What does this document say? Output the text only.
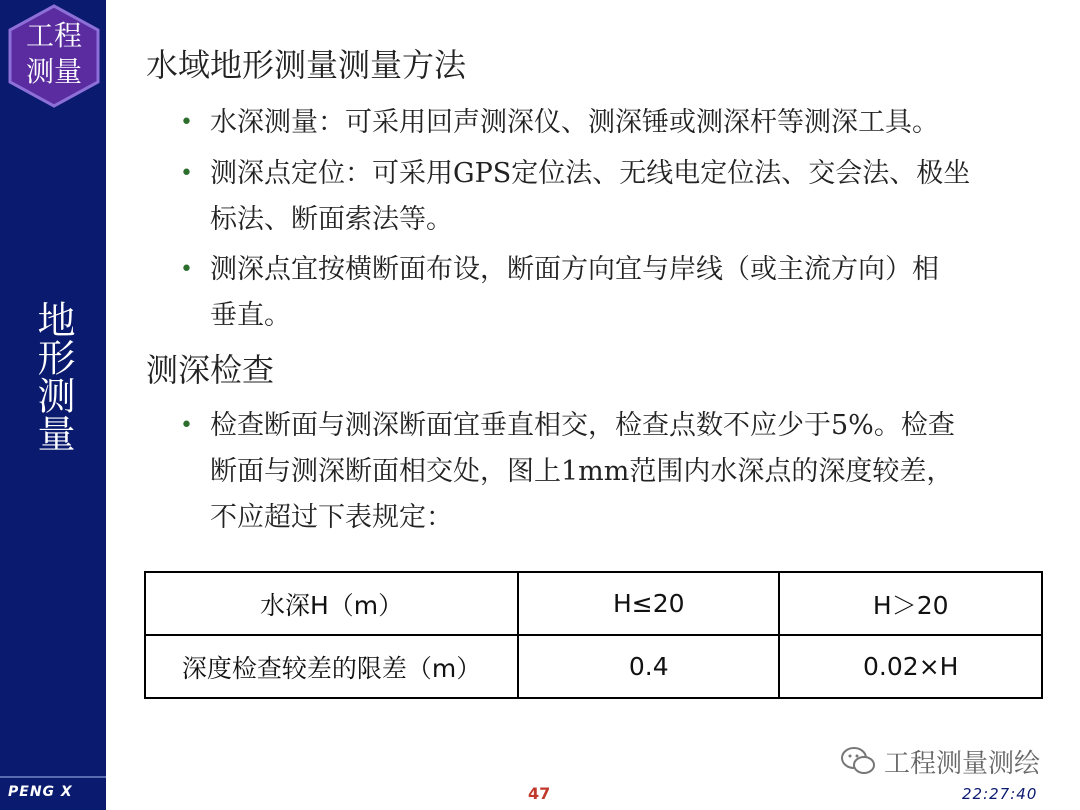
工程
测量
地形测量
PENG X
水域地形测量测量方法
• 水深测量：可采用回声测深仪、测深锤或测深杆等测深工具。
• 测深点定位：可采用GPS定位法、无线电定位法、交会法、极坐
标法、断面索法等。
• 测深点宜按横断面布设，断面方向宜与岸线（或主流方向）相
垂直。
测深检查
• 检查断面与测深断面宜垂直相交，检查点数不应少于5%。检查
断面与测深断面相交处，图上1mm范围内水深点的深度较差，
不应超过下表规定：
水深H（m）	H≤20	H＞20
深度检查较差的限差（m）	0.4	0.02×H
工程测量测绘
47	22:27:40
